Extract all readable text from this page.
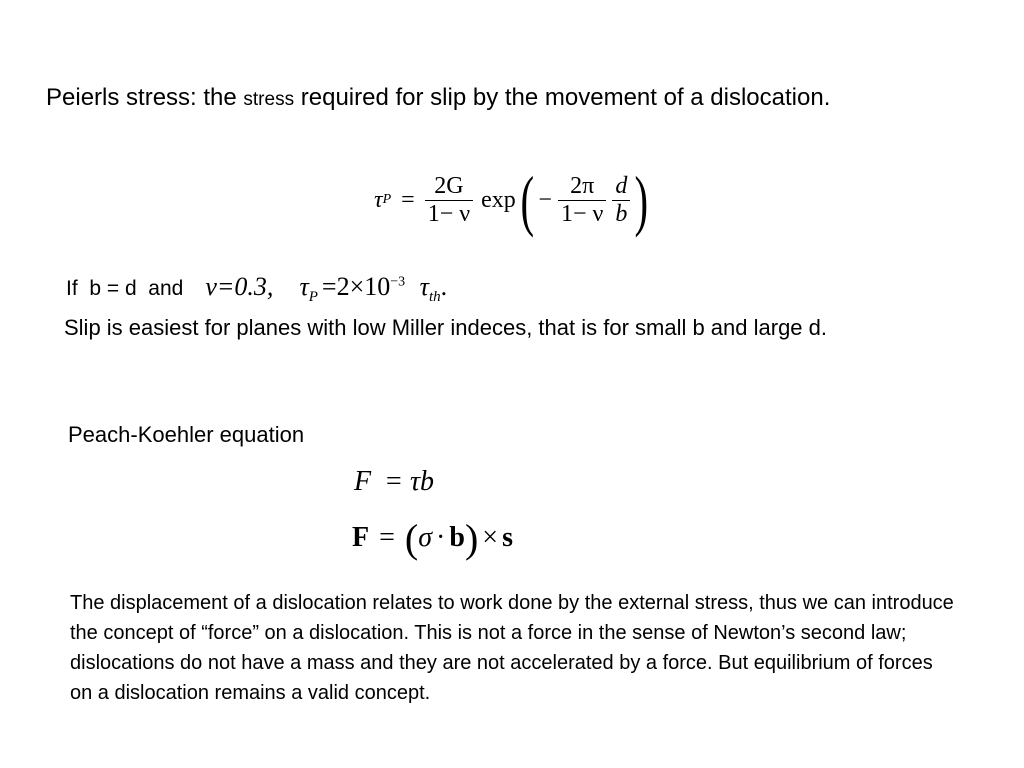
Peierls stress: the stress required for slip by the movement of a dislocation.
τ $P = \frac{2G}{1- \nu}$ exp ( − $\frac{2\pi}{1- \nu} \frac{d}{b}$ )
If  b = d  and ν=0.3, $\tau_P =2\times 10^{-3}$ $\tau_{th}$.
Slip is easiest for planes with low Miller indeces, that is for small b and large d.
Peach-Koehler equation
F = τb
F = ( σ · b ) × s
The displacement of a dislocation relates to work done by the external stress, thus we can introduce the concept of “force” on a dislocation. This is not a force in the sense of Newton’s second law; dislocations do not have a mass and they are not accelerated by a force. But equilibrium of forces on a dislocation remains a valid concept.
